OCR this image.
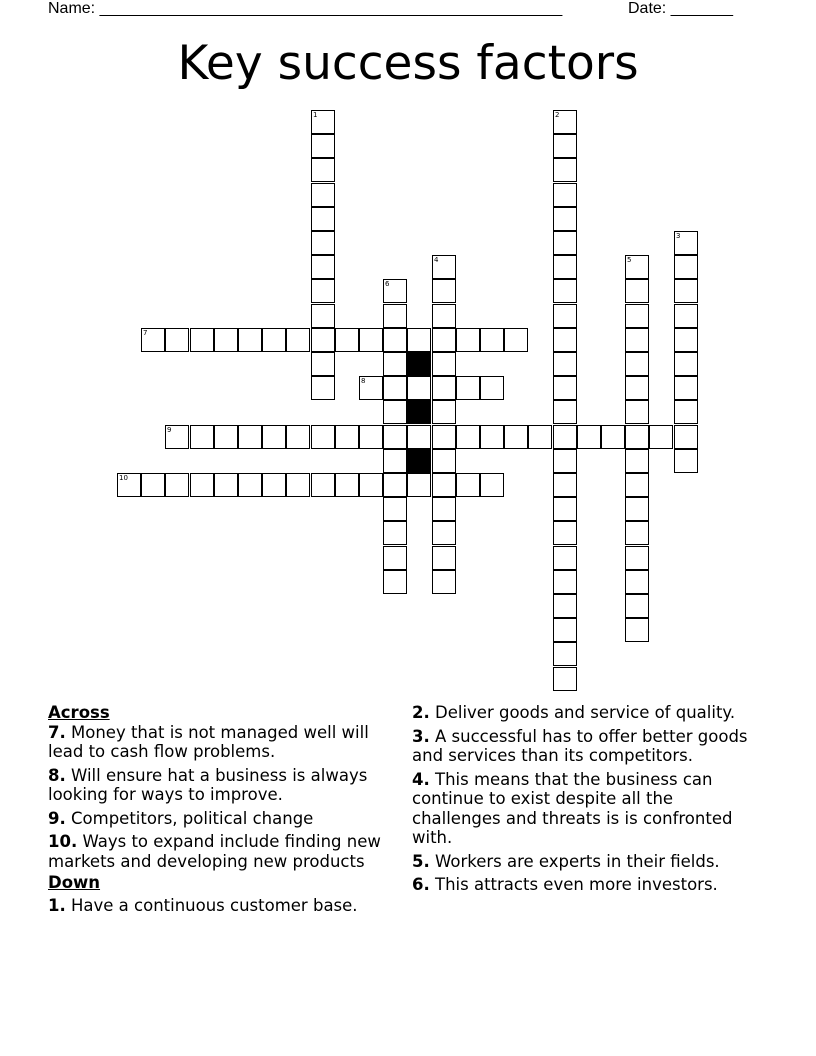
Name: ____________________________________________________	Date: _______
Key success factors
1	2
3
4	5
6
7
8
9
10
Across
7. Money that is not managed well will lead to cash flow problems.
8. Will ensure hat a business is always looking for ways to improve.
9. Competitors, political change
10. Ways to expand include finding new markets and developing new products
Down
1. Have a continuous customer base.
2. Deliver goods and service of quality.
3. A successful has to offer better goods and services than its competitors.
4. This means that the business can continue to exist despite all the challenges and threats is is confronted with.
5. Workers are experts in their fields.
6. This attracts even more investors.
